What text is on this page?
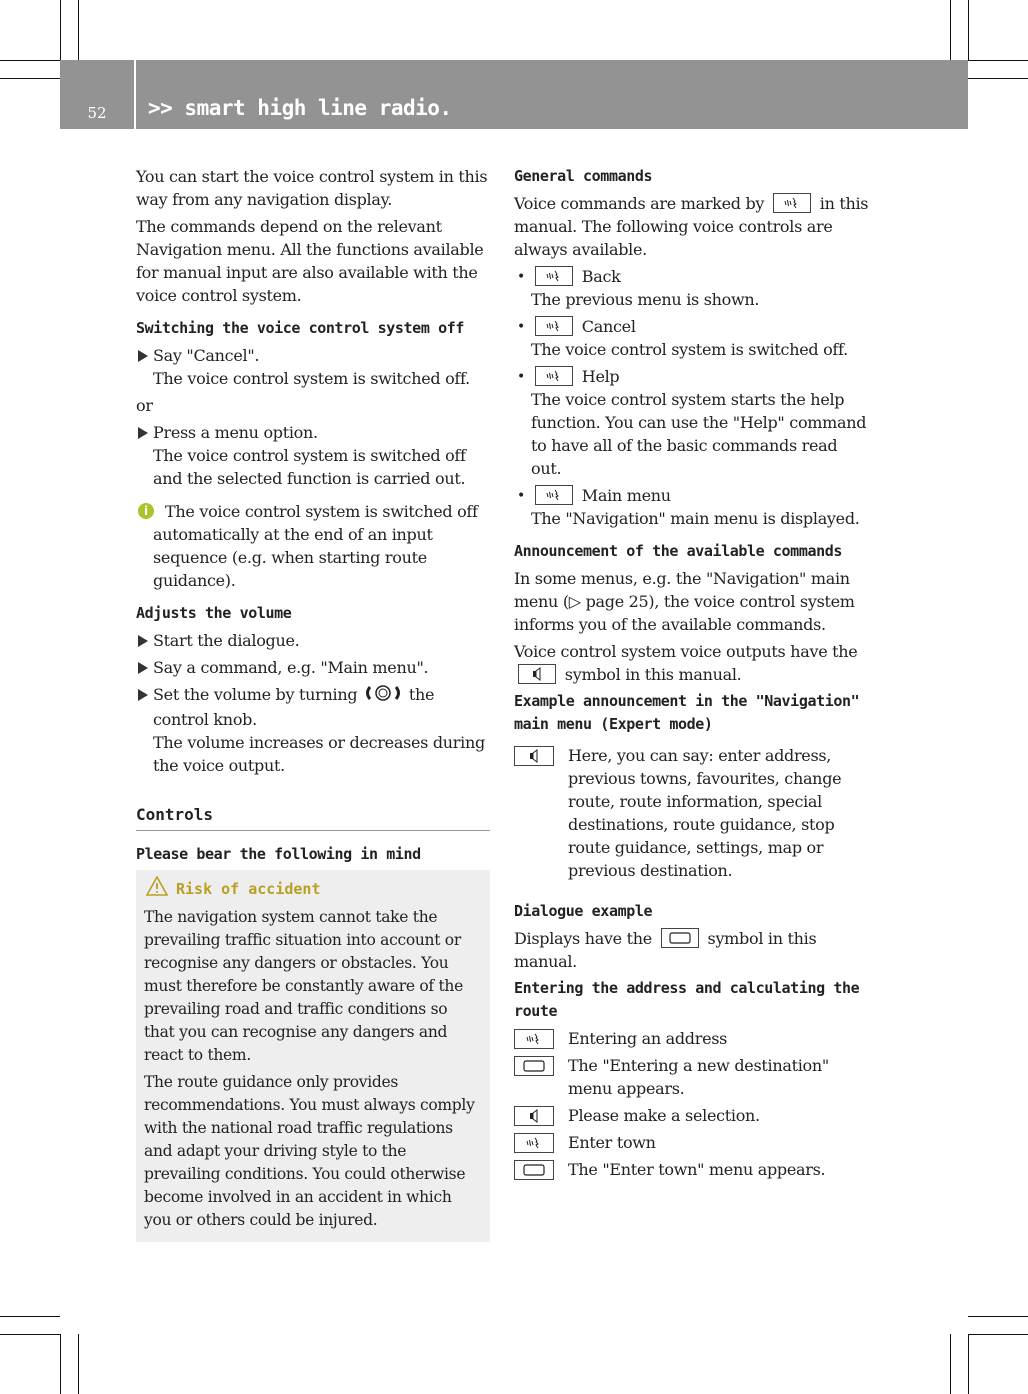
52	>> smart high line radio.

You can start the voice control system in this way from any navigation display.

The commands depend on the relevant Navigation menu. All the functions available for manual input are also available with the voice control system.

Switching the voice control system off

Say "Cancel".

The voice control system is switched off.

or

Press a menu option.

The voice control system is switched off and the selected function is carried out.

i	The voice control system is switched off automatically at the end of an input sequence (e.g. when starting route guidance).

Adjusts the volume

Start the dialogue.

Say a command, e.g. "Main menu".

Set the volume by turning	the control knob.

The volume increases or decreases during the voice output.

Controls
Please bear the following in mind
Risk of accident

The navigation system cannot take the prevailing traffic situation into account or recognise any dangers or obstacles. You must therefore be constantly aware of the prevailing road and traffic conditions so that you can recognise any dangers and react to them.

The route guidance only provides recommendations. You must always comply with the national road traffic regulations and adapt your driving style to the prevailing conditions. You could otherwise become involved in an accident in which you or others could be injured.

General commands

Voice commands are marked by	in this manual. The following voice controls are always available.

•	Back

The previous menu is shown.

•	Cancel

The voice control system is switched off.

•	Help

The voice control system starts the help function. You can use the "Help" command to have all of the basic commands read out.

•	Main menu

The "Navigation" main menu is displayed.

Announcement of the available commands

In some menus, e.g. the "Navigation" main menu (▷ page 25), the voice control system informs you of the available commands.

Voice control system voice outputs have the  symbol in this manual.

Example announcement in the "Navigation" main menu (Expert mode)

Here, you can say: enter address, previous towns, favourites, change route, route information, special destinations, route guidance, stop route guidance, settings, map or previous destination.

Dialogue example

Displays have the	symbol in this manual.

Entering the address and calculating the route

Entering an address

The "Entering a new destination" menu appears.

Please make a selection.

Enter town

The "Enter town" menu appears.
